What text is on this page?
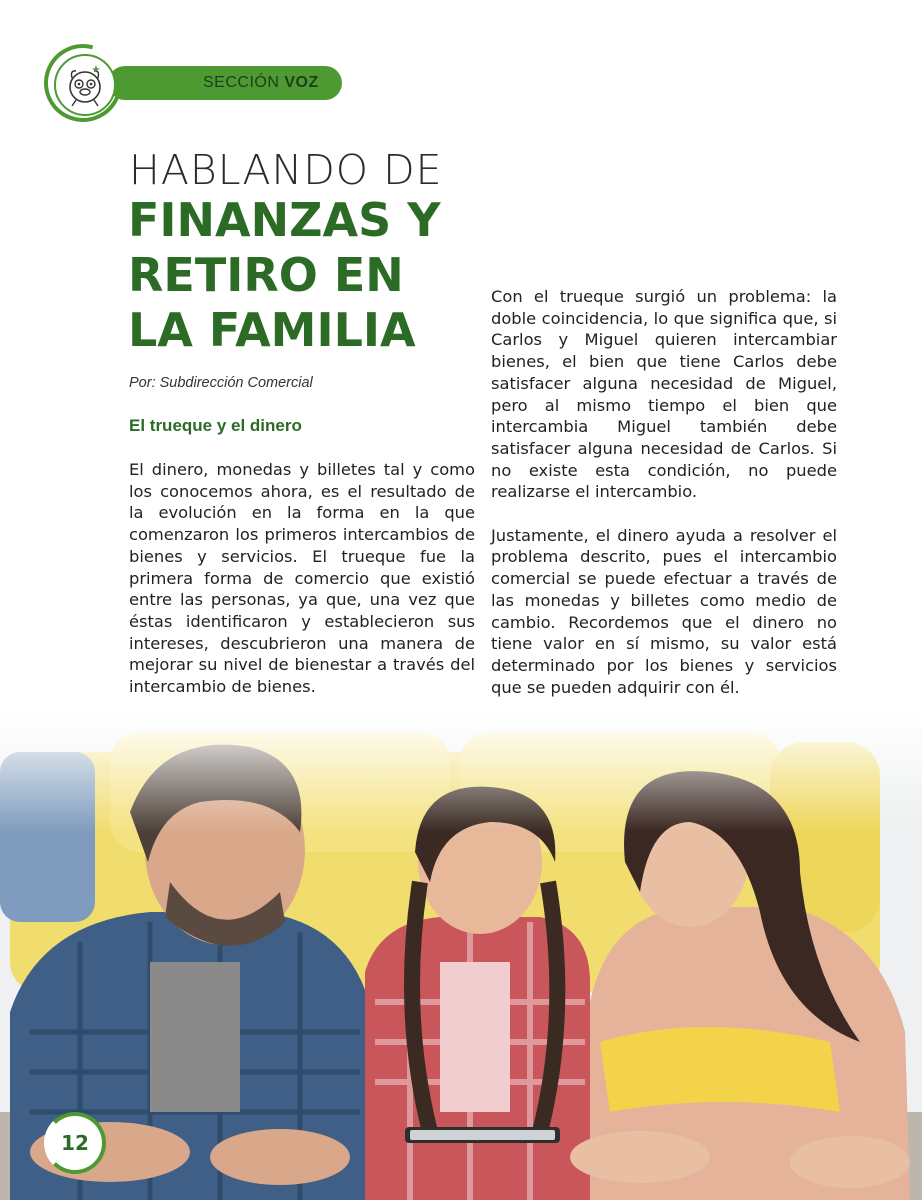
SECCIÓN VOZ
HABLANDO DE
FINANZAS Y
RETIRO EN
LA FAMILIA
Por: Subdirección Comercial
El trueque y el dinero

El dinero, monedas y billetes tal y como los conocemos ahora, es el resultado de la evolución en la forma en la que comenzaron los primeros intercambios de bienes y servicios. El trueque fue la primera forma de comercio que existió entre las personas, ya que, una vez que éstas identificaron y establecieron sus intereses, descubrieron una manera de mejorar su nivel de bienestar a través del intercambio de bienes.

Con el trueque surgió un problema: la doble coincidencia, lo que significa que, si Carlos y Miguel quieren intercambiar bienes, el bien que tiene Carlos debe satisfacer alguna necesidad de Miguel, pero al mismo tiempo el bien que intercambia Miguel también debe satisfacer alguna necesidad de Carlos. Si no existe esta condición, no puede realizarse el intercambio.

Justamente, el dinero ayuda a resolver el problema descrito, pues el intercambio comercial se puede efectuar a través de las monedas y billetes como medio de cambio. Recordemos que el dinero no tiene valor en sí mismo, su valor está determinado por los bienes y servicios que se pueden adquirir con él.

12
